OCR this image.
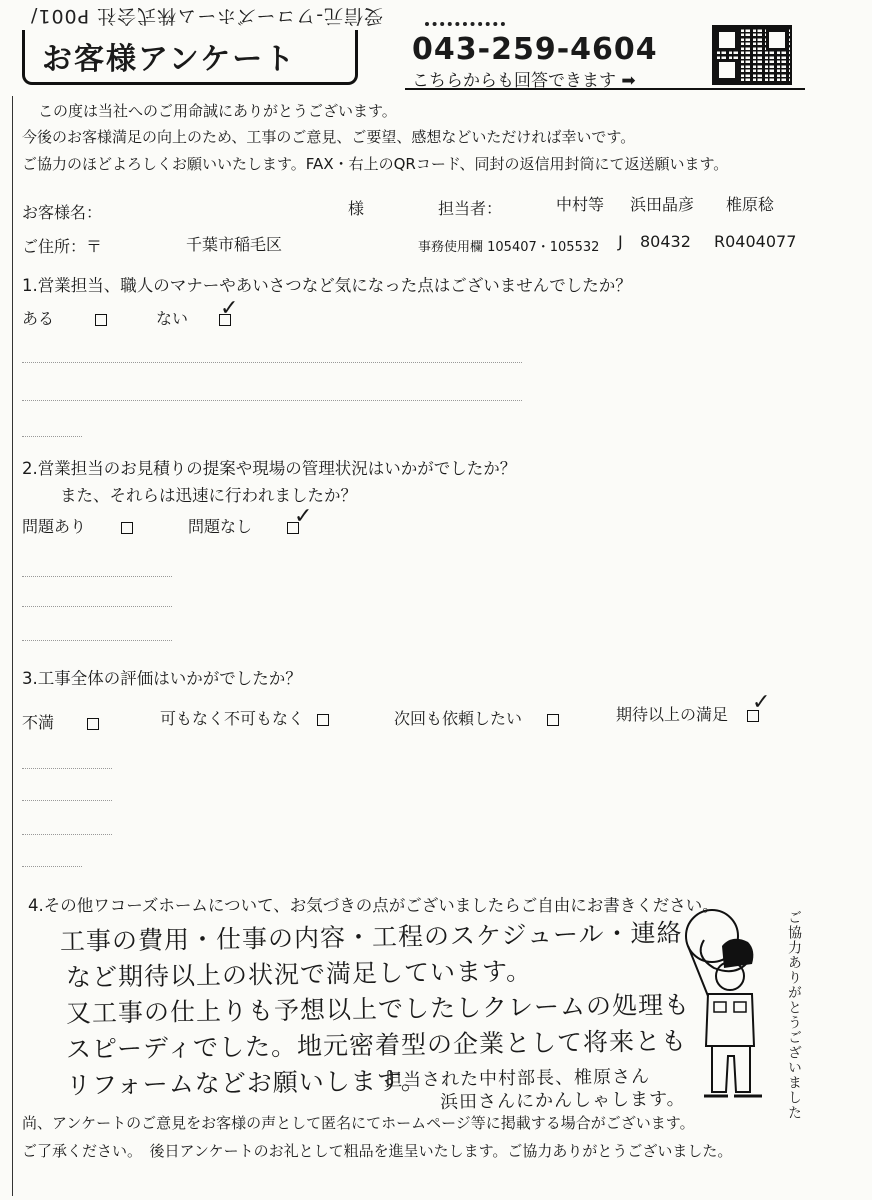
受信元-ワコーズホーム株式会社 P001/
お客様アンケート	043-259-4604
こちらからも回答できます ➡
この度は当社へのご用命誠にありがとうございます。
今後のお客様満足の向上のため、工事のご意見、ご要望、感想などいただければ幸いです。
ご協力のほどよろしくお願いいたします。FAX・右上のQRコード、同封の返信用封筒にて返送願います。
お客様名：	様	担当者：	中村等 浜田晶彦 椎原稔
ご住所：〒	千葉市稲毛区	事務使用欄 105407・105532 J 80432 R0404077
1.営業担当、職人のマナーやあいさつなど気になった点はございませんでしたか？
ある	ない	✓
2.営業担当のお見積りの提案や現場の管理状況はいかがでしたか？
また、それらは迅速に行われましたか？
問題あり	問題なし	✓
3.工事全体の評価はいかがでしたか？
不満	可もなく不可もなく	次回も依頼したい	期待以上の満足	✓
4.その他ワコーズホームについて、お気づきの点がございましたらご自由にお書きください。
工事の費用・仕事の内容・工程のスケジュール・連絡
など期待以上の状況で満足しています。
又工事の仕上りも予想以上でしたしクレームの処理も
スピーディでした。地元密着型の企業として将来とも
リフォームなどお願いします。
担当された中村部長、椎原さん
浜田さんにかんしゃします。	ご協力ありがとうございました
尚、アンケートのご意見をお客様の声として匿名にてホームページ等に掲載する場合がございます。
ご了承ください。　後日アンケートのお礼として粗品を進呈いたします。ご協力ありがとうございました。
